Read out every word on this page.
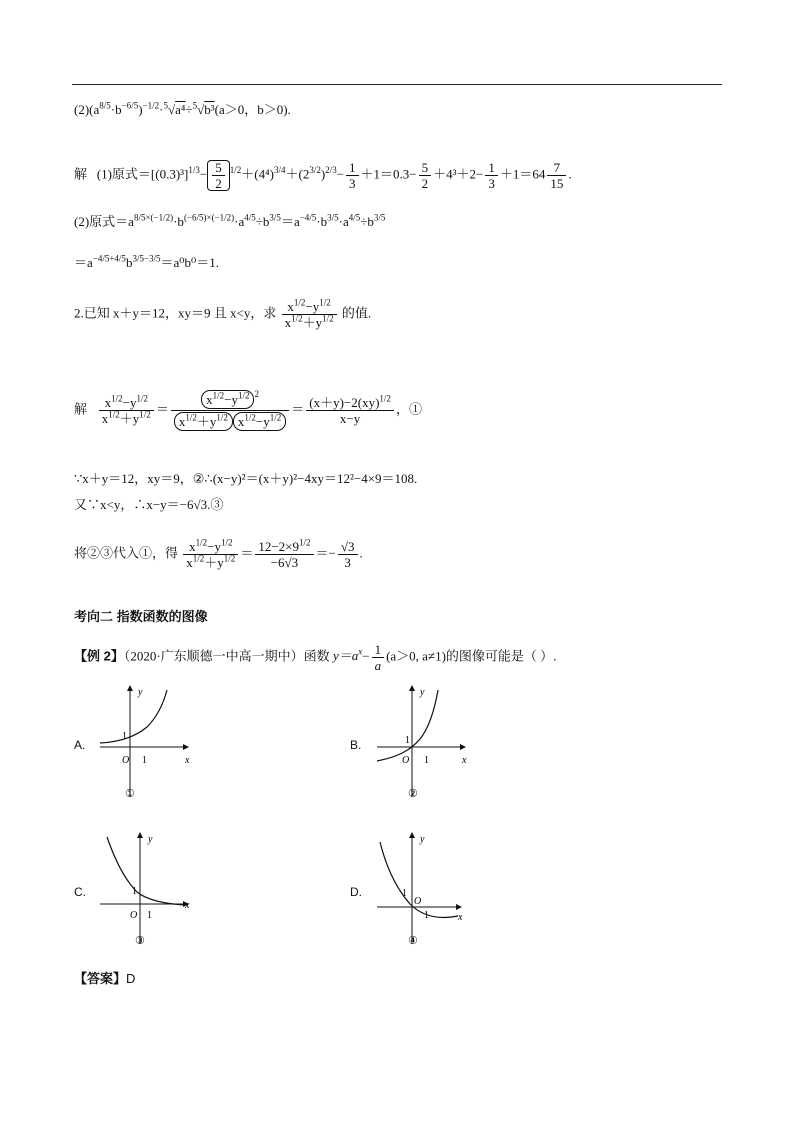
$(2)(a^{8/5}\cdot b^{-6/5})^{-1/2}\cdot^5√a^4\div^5√b^3(a>0$，b＞0).
解 (1)原式$=[(0.3)^3]^{1/3}- \frac{5}{2} ^{1/2}+(4^4)^{3/4}+(2^{3/2})^{2/3}- \frac{1}{3} +1=0.3- \frac{5}{2} +4^3+2- \frac{1}{3} +1=64 \frac{7}{15}$ .
(2)原式$=a^{8/5\times(-1/2)}\cdot b^{(-6/5)\times(-1/2)}\cdot a^{4/5}\div b^{3/5}=a^{-4/5}\cdot b^{3/5}\cdot a^{4/5}\div b^{3/5}$
$=a^{-4/5+4/5}b^{3/5-3/5}=a^0b^0=1$.
2.已知 x＋y＝12，xy＝9 且 x<y，求 $\frac{x^{1/2}-y^{1/2}}{x^{1/2}+y^{1/2}}$ 的值.
解 $\frac{x^{1/2}-y^{1/2}}{x^{1/2}+y^{1/2}} = \frac{x^{1/2}-y^{1/2} ^2}{x^{1/2}+y^{1/2} x^{1/2}-y^{1/2}} = \frac{(x+y)-2(xy)^{1/2}}{x-y}$ ，①
∵x＋y＝12，xy＝9，②∴(x−y)²＝(x＋y)²−4xy＝12²−4×9＝108.
又∵x<y，∴x−y＝−6√3.③
将②③代入①，得 $\frac{x^{1/2}-y^{1/2}}{x^{1/2}+y^{1/2}} = \frac{12-2\times 9^{1/2}}{-6√3} =- \frac{√3}{3}$ .
考向二 指数函数的图像
【例 2】（2020·广东顺德一中高一期中）函数 $y=a^x- \frac{1}{a} (a>0$, a≠1)的图像可能是（ ）.
A.	B.
C.	D.
y
x
O
1
1
①
y
x
O
1
1
②
y
x
O
1
1
③
y
x
O
1
1
④
【答案】D
